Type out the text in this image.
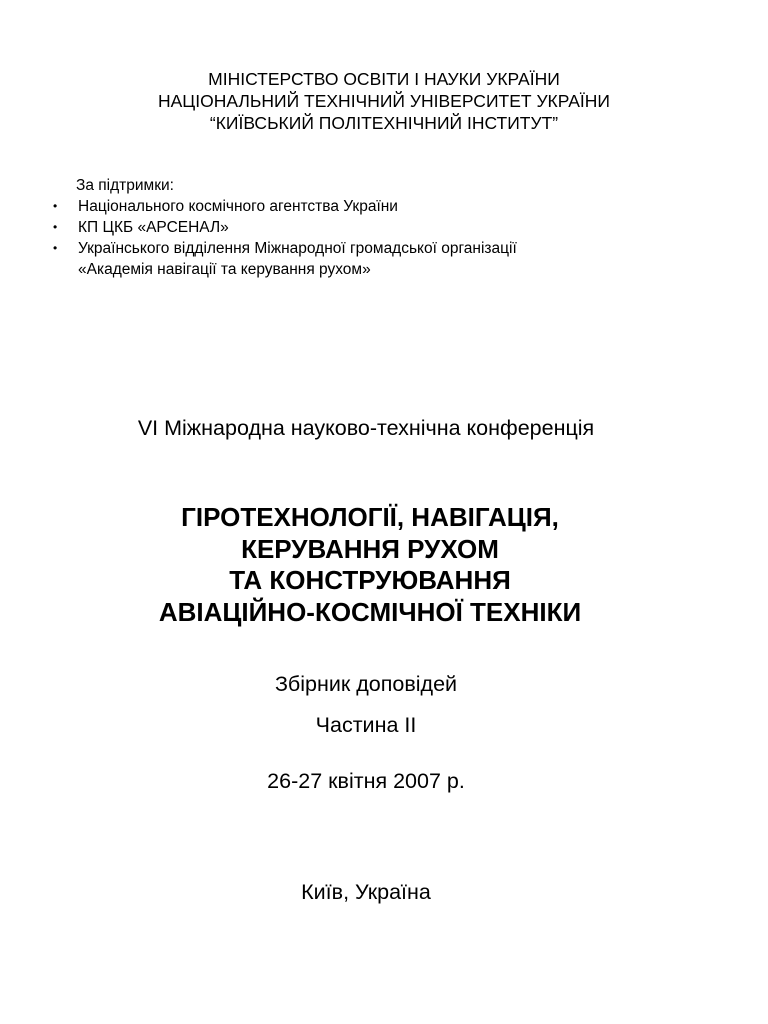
МІНІСТЕРСТВО ОСВІТИ І НАУКИ УКРАЇНИ
НАЦІОНАЛЬНИЙ ТЕХНІЧНИЙ УНІВЕРСИТЕТ УКРАЇНИ
“КИЇВСЬКИЙ ПОЛІТЕХНІЧНИЙ ІНСТИТУТ”
За підтримки:
• Національного космічного агентства України
• КП ЦКБ «АРСЕНАЛ»
• Українського відділення Міжнародної громадської організації
«Академія навігації та керування рухом»
VI Міжнародна науково-технічна конференція
ГІРОТЕХНОЛОГІЇ, НАВІГАЦІЯ,
КЕРУВАННЯ РУХОМ
ТА КОНСТРУЮВАННЯ
АВІАЦІЙНО-КОСМІЧНОЇ ТЕХНІКИ
Збірник доповідей
Частина ІІ
26-27 квітня 2007 р.
Київ, Україна
